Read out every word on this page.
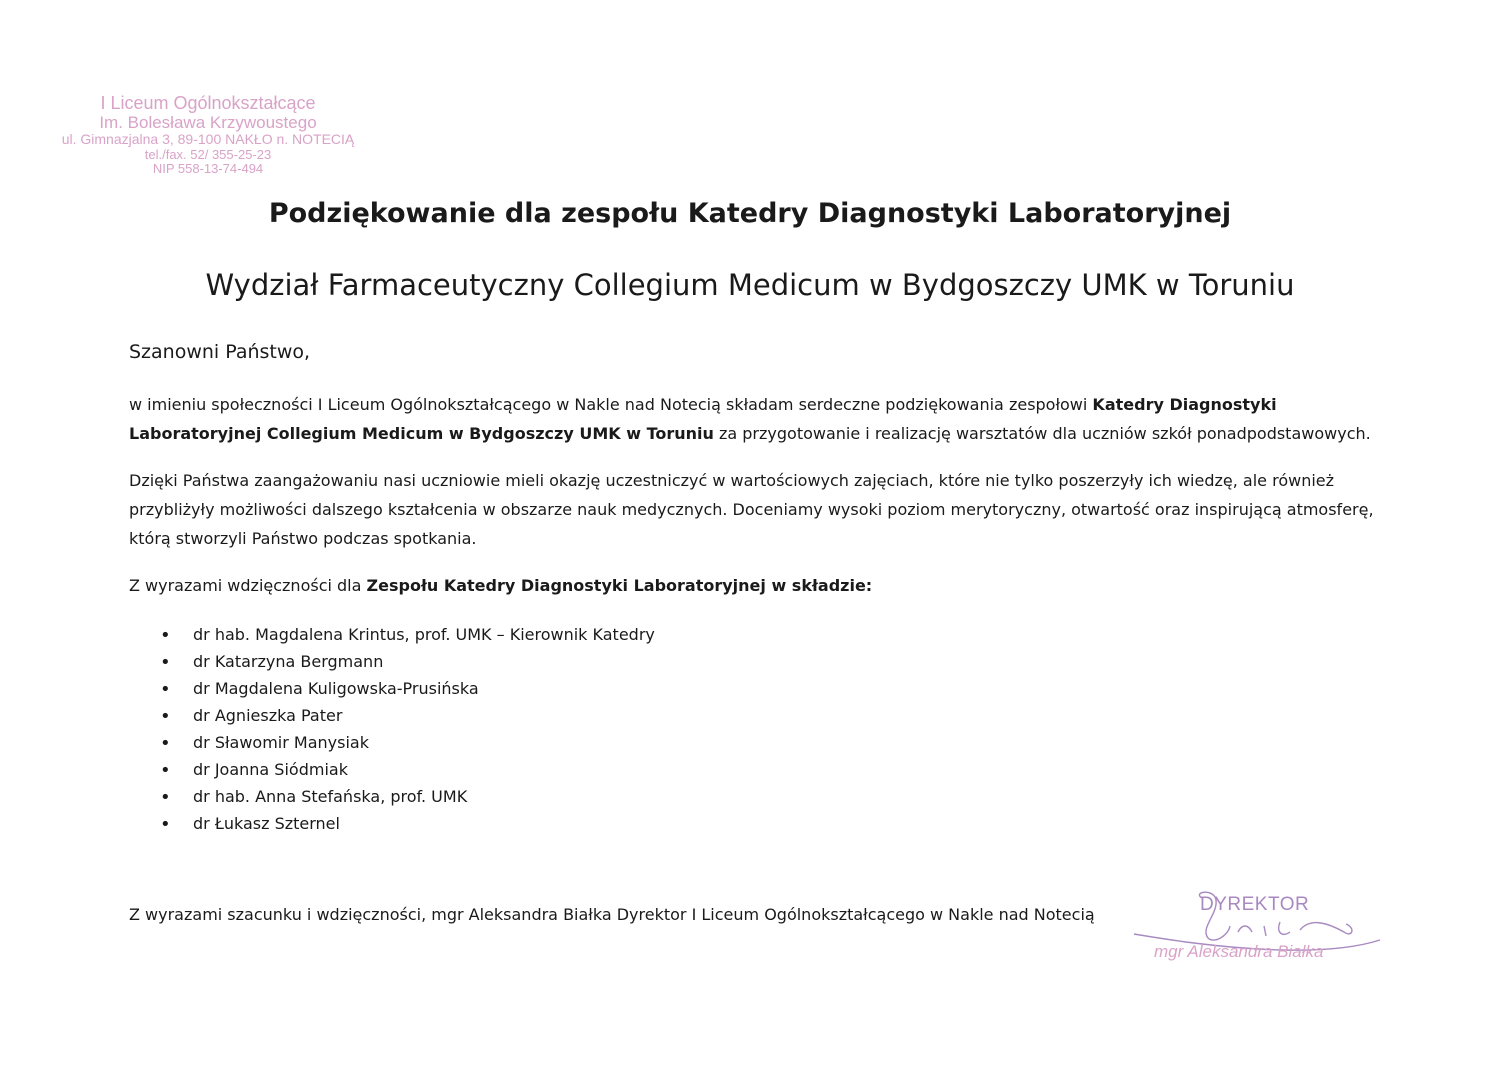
I Liceum Ogólnokształcące
Im. Bolesława Krzywoustego
ul. Gimnazjalna 3, 89-100 NAKŁO n. NOTECIĄ
tel./fax. 52/ 355-25-23
NIP 558-13-74-494
Podziękowanie dla zespołu Katedry Diagnostyki Laboratoryjnej
Wydział Farmaceutyczny Collegium Medicum w Bydgoszczy UMK w Toruniu
Szanowni Państwo,

w imieniu społeczności I Liceum Ogólnokształcącego w Nakle nad Notecią składam serdeczne podziękowania zespołowi Katedry Diagnostyki Laboratoryjnej Collegium Medicum w Bydgoszczy UMK w Toruniu za przygotowanie i realizację warsztatów dla uczniów szkół ponadpodstawowych.

Dzięki Państwa zaangażowaniu nasi uczniowie mieli okazję uczestniczyć w wartościowych zajęciach, które nie tylko poszerzyły ich wiedzę, ale również przybliżyły możliwości dalszego kształcenia w obszarze nauk medycznych. Doceniamy wysoki poziom merytoryczny, otwartość oraz inspirującą atmosferę, którą stworzyli Państwo podczas spotkania.

Z wyrazami wdzięczności dla Zespołu Katedry Diagnostyki Laboratoryjnej w składzie:

• dr hab. Magdalena Krintus, prof. UMK – Kierownik Katedry
• dr Katarzyna Bergmann
• dr Magdalena Kuligowska-Prusińska
• dr Agnieszka Pater
• dr Sławomir Manysiak
• dr Joanna Siódmiak
• dr hab. Anna Stefańska, prof. UMK
• dr Łukasz Szternel
Z wyrazami szacunku i wdzięczności, mgr Aleksandra Białka Dyrektor I Liceum Ogólnokształcącego w Nakle nad Notecią	DYREKTOR
mgr Aleksandra Białka
